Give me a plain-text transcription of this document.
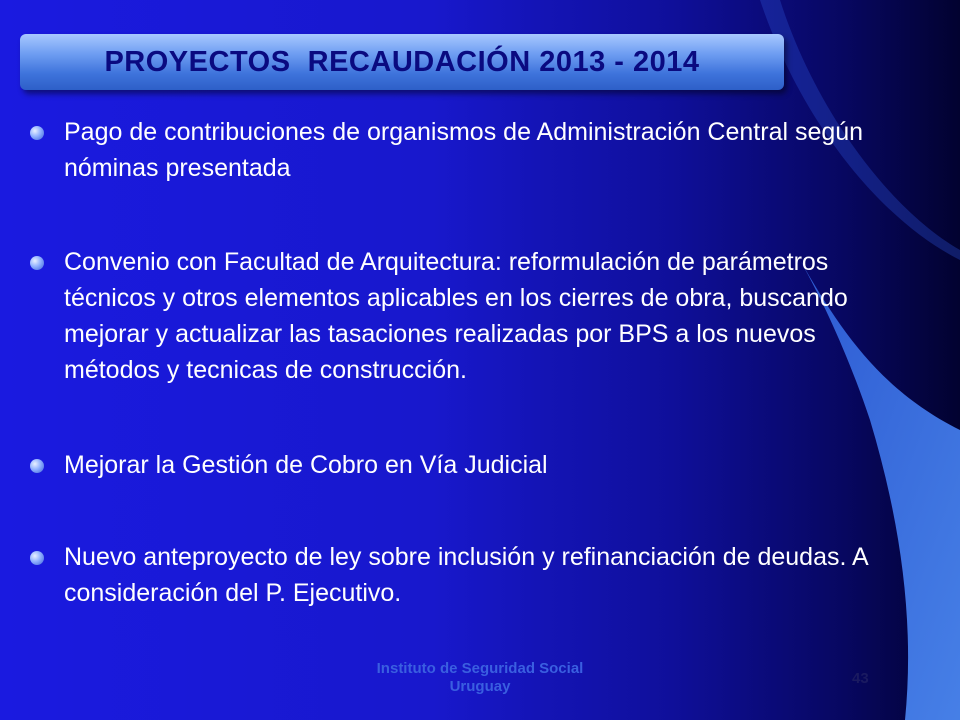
PROYECTOS  RECAUDACIÓN 2013 - 2014
Pago de contribuciones de organismos de Administración Central según nóminas presentada
Convenio con Facultad de Arquitectura: reformulación de parámetros técnicos y otros elementos aplicables en los cierres de obra, buscando mejorar y actualizar las tasaciones realizadas por BPS a los nuevos métodos y tecnicas de construcción.
Mejorar la Gestión de Cobro en Vía Judicial
Nuevo anteproyecto de ley sobre inclusión y refinanciación de deudas. A consideración del P. Ejecutivo.
Instituto de Seguridad Social
Uruguay	43
